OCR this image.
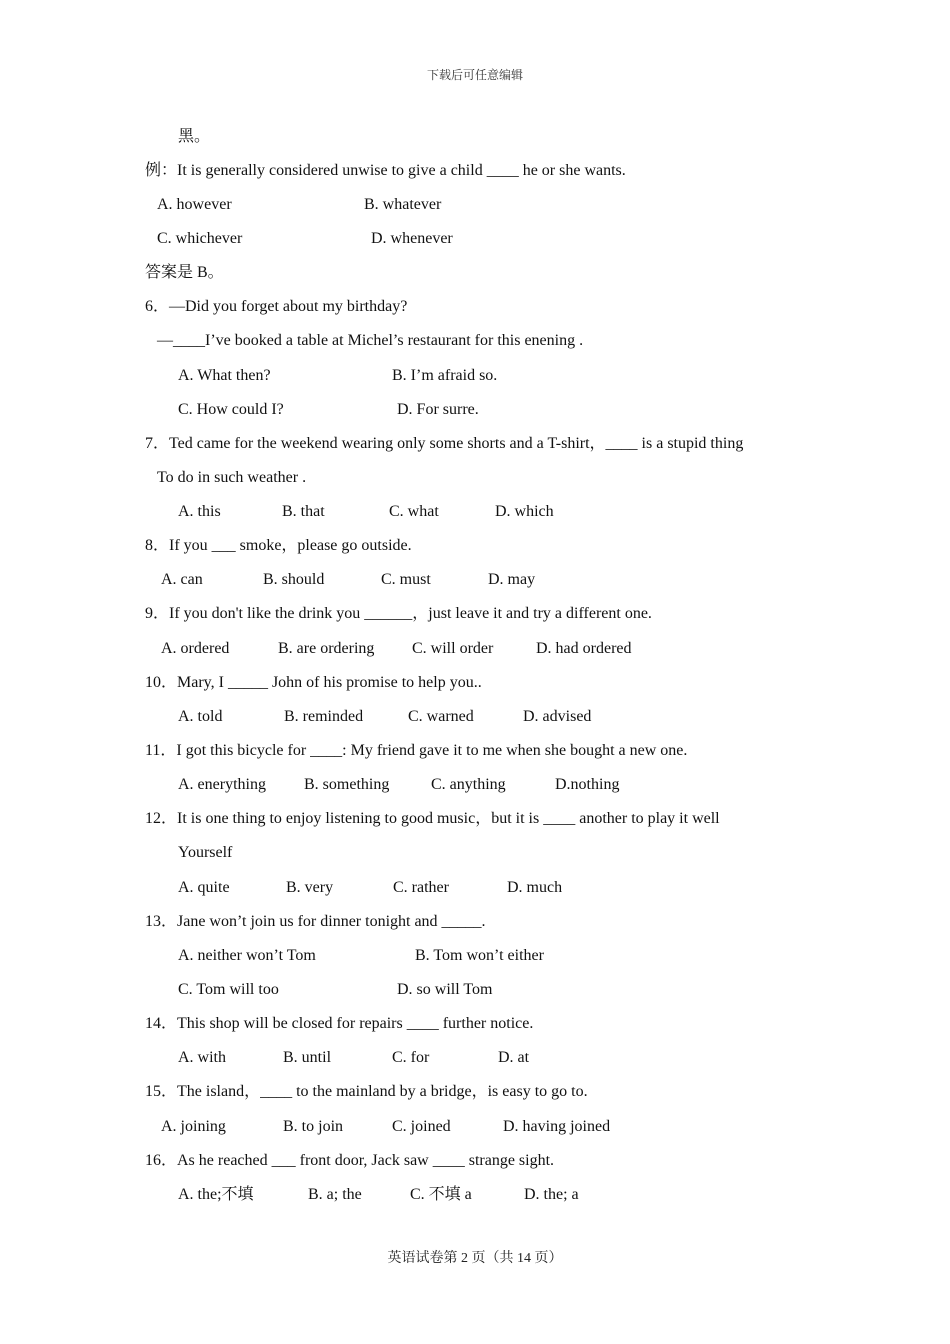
下载后可任意编辑
黑。
例：It is generally considered unwise to give a child ____ he or she wants.
A. however	B. whatever
C. whichever	D. whenever
答案是 B。
6．—Did you forget about my birthday?
—____I’ve booked a table at Michel’s restaurant for this enening .
A. What then?	B. I’m afraid so.
C. How could I?	D. For surre.
7．Ted came for the weekend wearing only some shorts and a T-shirt，____ is a stupid thing
To do in such weather .
A. this	B. that	C. what	D. which
8．If you ___ smoke，please go outside.
A. can	B. should	C. must	D. may
9．If you don't like the drink you ______，just leave it and try a different one.
A. ordered	B. are ordering C. will order	D. had ordered
10．Mary, I _____ John of his promise to help you..
A. told	B. reminded	C. warned	D. advised
11．I got this bicycle for ____: My friend gave it to me when she bought a new one.
A. enerything B. something	C. anything	D.nothing
12．It is one thing to enjoy listening to good music，but it is ____ another to play it well
Yourself
A. quite	B. very	C. rather	D. much
13．Jane won’t join us for dinner tonight and _____.
A. neither won’t Tom	B. Tom won’t either
C. Tom will too	D. so will Tom
14．This shop will be closed for repairs ____ further notice.
A. with	B. until	C. for	D. at
15．The island，____ to the mainland by a bridge，is easy to go to.
A. joining	B. to join	C. joined	D. having joined
16．As he reached ___ front door, Jack saw ____ strange sight.
A. the;不填	B. a; the	C. 不填 a	D. the; a
英语试卷第 2 页（共 14 页）
